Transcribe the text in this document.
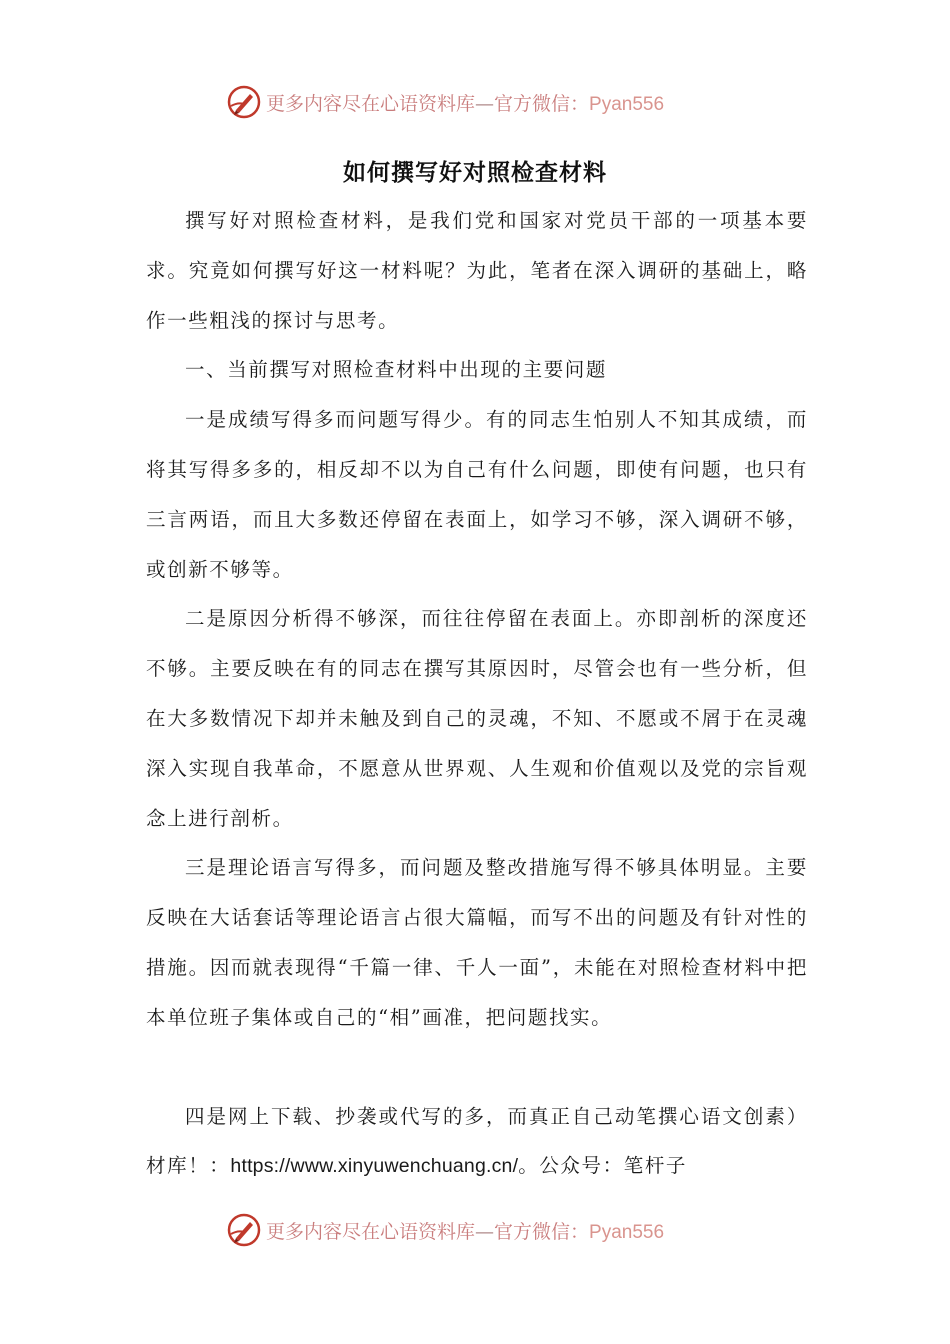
更多内容尽在心语资料库—官方微信：Pyan556
如何撰写好对照检查材料

撰写好对照检查材料，是我们党和国家对党员干部的一项基本要求。究竟如何撰写好这一材料呢？为此，笔者在深入调研的基础上，略作一些粗浅的探讨与思考。

一、当前撰写对照检查材料中出现的主要问题

一是成绩写得多而问题写得少。有的同志生怕别人不知其成绩，而将其写得多多的，相反却不以为自己有什么问题，即使有问题，也只有三言两语，而且大多数还停留在表面上，如学习不够，深入调研不够，或创新不够等。

二是原因分析得不够深，而往往停留在表面上。亦即剖析的深度还不够。主要反映在有的同志在撰写其原因时，尽管会也有一些分析，但在大多数情况下却并未触及到自己的灵魂，不知、不愿或不屑于在灵魂深入实现自我革命，不愿意从世界观、人生观和价值观以及党的宗旨观念上进行剖析。

三是理论语言写得多，而问题及整改措施写得不够具体明显。主要反映在大话套话等理论语言占很大篇幅，而写不出的问题及有针对性的措施。因而就表现得“千篇一律、千人一面”，未能在对照检查材料中把本单位班子集体或自己的“相”画准，把问题找实。

四是网上下载、抄袭或代写的多，而真正自己动笔撰心语文创素）材库！：https://www.xinyuwenchuang.cn/。公众号：笔杆子

更多内容尽在心语资料库—官方微信：Pyan556
